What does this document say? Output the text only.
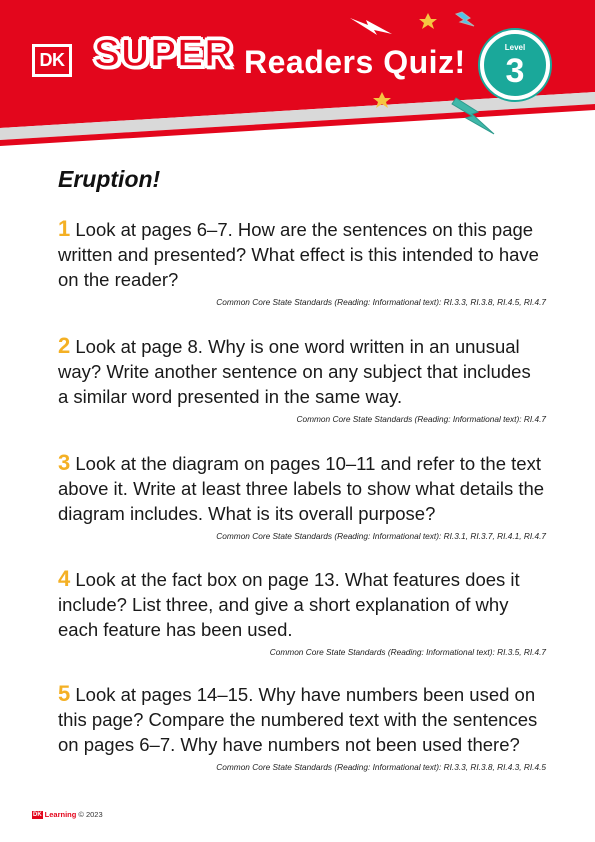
DK SUPER Readers Quiz!	Level
3
Eruption!

1 Look at pages 6–7. How are the sentences on this page written and presented? What effect is this intended to have on the reader?

Common Core State Standards (Reading: Informational text): RI.3.3, RI.3.8, RI.4.5, RI.4.7

2 Look at page 8. Why is one word written in an unusual way? Write another sentence on any subject that includes a similar word presented in the same way.

Common Core State Standards (Reading: Informational text): RI.4.7

3 Look at the diagram on pages 10–11 and refer to the text above it. Write at least three labels to show what details the diagram includes. What is its overall purpose?

Common Core State Standards (Reading: Informational text): RI.3.1, RI.3.7, RI.4.1, RI.4.7

4 Look at the fact box on page 13. What features does it include? List three, and give a short explanation of why each feature has been used.

Common Core State Standards (Reading: Informational text): RI.3.5, RI.4.7

5 Look at pages 14–15. Why have numbers been used on this page? Compare the numbered text with the sentences on pages 6–7. Why have numbers not been used there?

Common Core State Standards (Reading: Informational text): RI.3.3, RI.3.8, RI.4.3, RI.4.5

DK Learning © 2023
